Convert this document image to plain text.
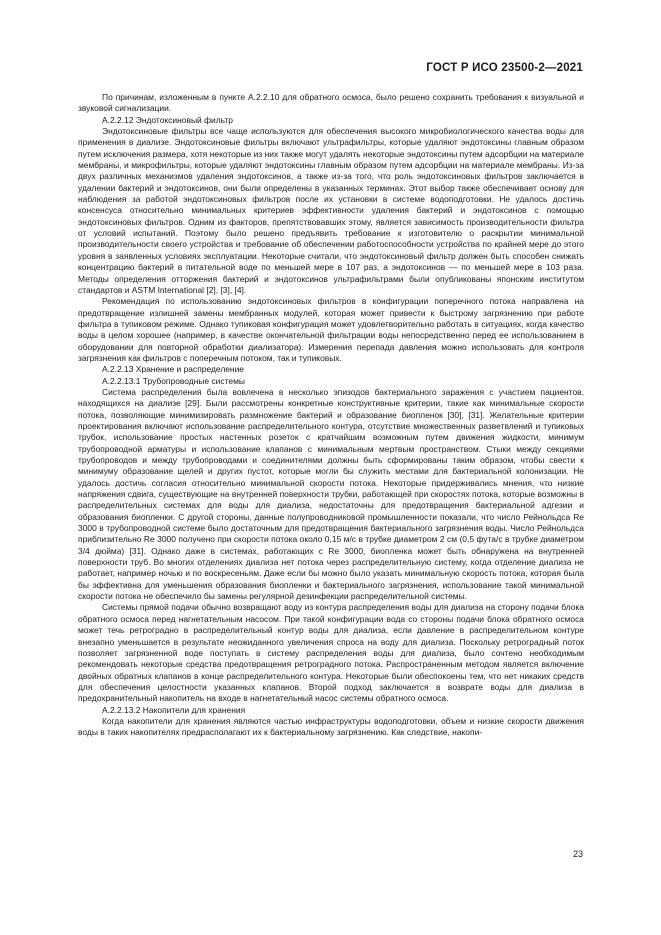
ГОСТ Р ИСО 23500-2—2021

По причинам, изложенным в пункте А.2.2.10 для обратного осмоса, было решено сохранить требования к визуальной и звуковой сигнализации.

А.2.2.12 Эндотоксиновый фильтр

Эндотоксиновые фильтры все чаще используются для обеспечения высокого микробиологического качества воды для применения в диализе. Эндотоксиновые фильтры включают ультрафильтры, которые удаляют эндотоксины главным образом путем исключения размера, хотя некоторые из них также могут удалять некоторые эндотоксины путем адсорбции на материале мембраны, и микрофильтры, которые удаляют эндотоксины главным образом путем адсорбции на материале мембраны. Из-за двух различных механизмов удаления эндотоксинов, а также из-за того, что роль эндотоксиновых фильтров заключается в удалении бактерий и эндотоксинов, они были определены в указанных терминах. Этот выбор также обеспечивает основу для наблюдения за работой эндотоксиновых фильтров после их установки в системе водоподготовки. Не удалось достичь консенсуса относительно минимальных критериев эффективности удаления бактерий и эндотоксинов с помощью эндотоксиновых фильтров. Одним из факторов, препятствовавших этому, является зависимость производительности фильтра от условий испытаний. Поэтому было решено предъявить требование к изготовителю о раскрытии минимальной производительности своего устройства и требование об обеспечении работоспособности устройства по крайней мере до этого уровня в заявленных условиях эксплуатации. Некоторые считали, что эндотоксиновый фильтр должен быть способен снижать концентрацию бактерий в питательной воде по меньшей мере в 107 раз, а эндотоксинов — по меньшей мере в 103 раза. Методы определения отторжения бактерий и эндотоксинов ультрафильтрами были опубликованы японским институтом стандартов и ASTM International [2], [3], [4].

Рекомендация по использованию эндотоксиновых фильтров в конфигурации поперечного потока направлена на предотвращение излишней замены мембранных модулей, которая может привести к быстрому загрязнению при работе фильтра в тупиковом режиме. Однако тупиковая конфигурация может удовлетворительно работать в ситуациях, когда качество воды в целом хорошее (например, в качестве окончательной фильтрации воды непосредственно перед ее использованием в оборудовании для повторной обработки диализатора). Измерения перепада давления можно использовать для контроля загрязнения как фильтров с поперечным потоком, так и тупиковых.

А.2.2.13 Хранение и распределение

А.2.2.13.1 Трубопроводные системы

Система распределения была вовлечена в несколько эпизодов бактериального заражения с участием пациентов, находящихся на диализе [29]. Были рассмотрены конкретные конструктивные критерии, такие как минимальные скорости потока, позволяющие минимизировать размножение бактерий и образование биопленок [30], [31]. Желательные критерии проектирования включают использование распределительного контура, отсутствие множественных разветвлений и тупиковых трубок, использование простых настенных розеток с кратчайшим возможным путем движения жидкости, минимум трубопроводной арматуры и использование клапанов с минимальным мертвым пространством. Стыки между секциями трубопроводов и между трубопроводами и соединителями должны быть сформированы таким образом, чтобы свести к минимуму образование щелей и других пустот, которые могли бы служить местами для бактериальной колонизации. Не удалось достичь согласия относительно минимальной скорости потока. Некоторые придерживались мнения, что низкие напряжения сдвига, существующие на внутренней поверхности трубки, работающей при скоростях потока, которые возможны в распределительных системах для воды для диализа, недостаточны для предотвращения бактериальной адгезии и образования биопленки. С другой стороны, данные полупроводниковой промышленности показали, что число Рейнольдса Re 3000 в трубопроводной системе было достаточным для предотвращения бактериального загрязнения воды. Число Рейнольдса приблизительно Re 3000 получено при скорости потока около 0,15 м/с в трубке диаметром 2 см (0,5 фута/с в трубке диаметром 3/4 дюйма) [31]. Однако даже в системах, работающих с Re 3000, биопленка может быть обнаружена на внутренней поверхности труб. Во многих отделениях диализа нет потока через распределительную систему, когда отделение диализа не работает, например ночью и по воскресеньям. Даже если бы можно было указать минимальную скорость потока, которая была бы эффективна для уменьшения образования биопленки и бактериального загрязнения, использование такой минимальной скорости потока не обеспечило бы замены регулярной дезинфекции распределительной системы.

Системы прямой подачи обычно возвращают воду из контура распределения воды для диализа на сторону подачи блока обратного осмоса перед нагнетательным насосом. При такой конфигурации вода со стороны подачи блока обратного осмоса может течь ретроградно в распределительный контур воды для диализа, если давление в распределительном контуре внезапно уменьшается в результате неожиданного увеличения спроса на воду для диализа. Поскольку ретроградный поток позволяет загрязненной воде поступать в систему распределения воды для диализа, было сочтено необходимым рекомендовать некоторые средства предотвращения ретроградного потока. Распространенным методом является включение двойных обратных клапанов в конце распределительного контура. Некоторые были обеспокоены тем, что нет никаких средств для обеспечения целостности указанных клапанов. Второй подход заключается в возврате воды для диализа в предохранительный накопитель на входе в нагнетательный насос системы обратного осмоса.

А.2.2.13.2 Накопители для хранения

Когда накопители для хранения являются частью инфраструктуры водоподготовки, объем и низкие скорости движения воды в таких накопителях предрасполагают их к бактериальному загрязнению. Как следствие, накопи-

23
